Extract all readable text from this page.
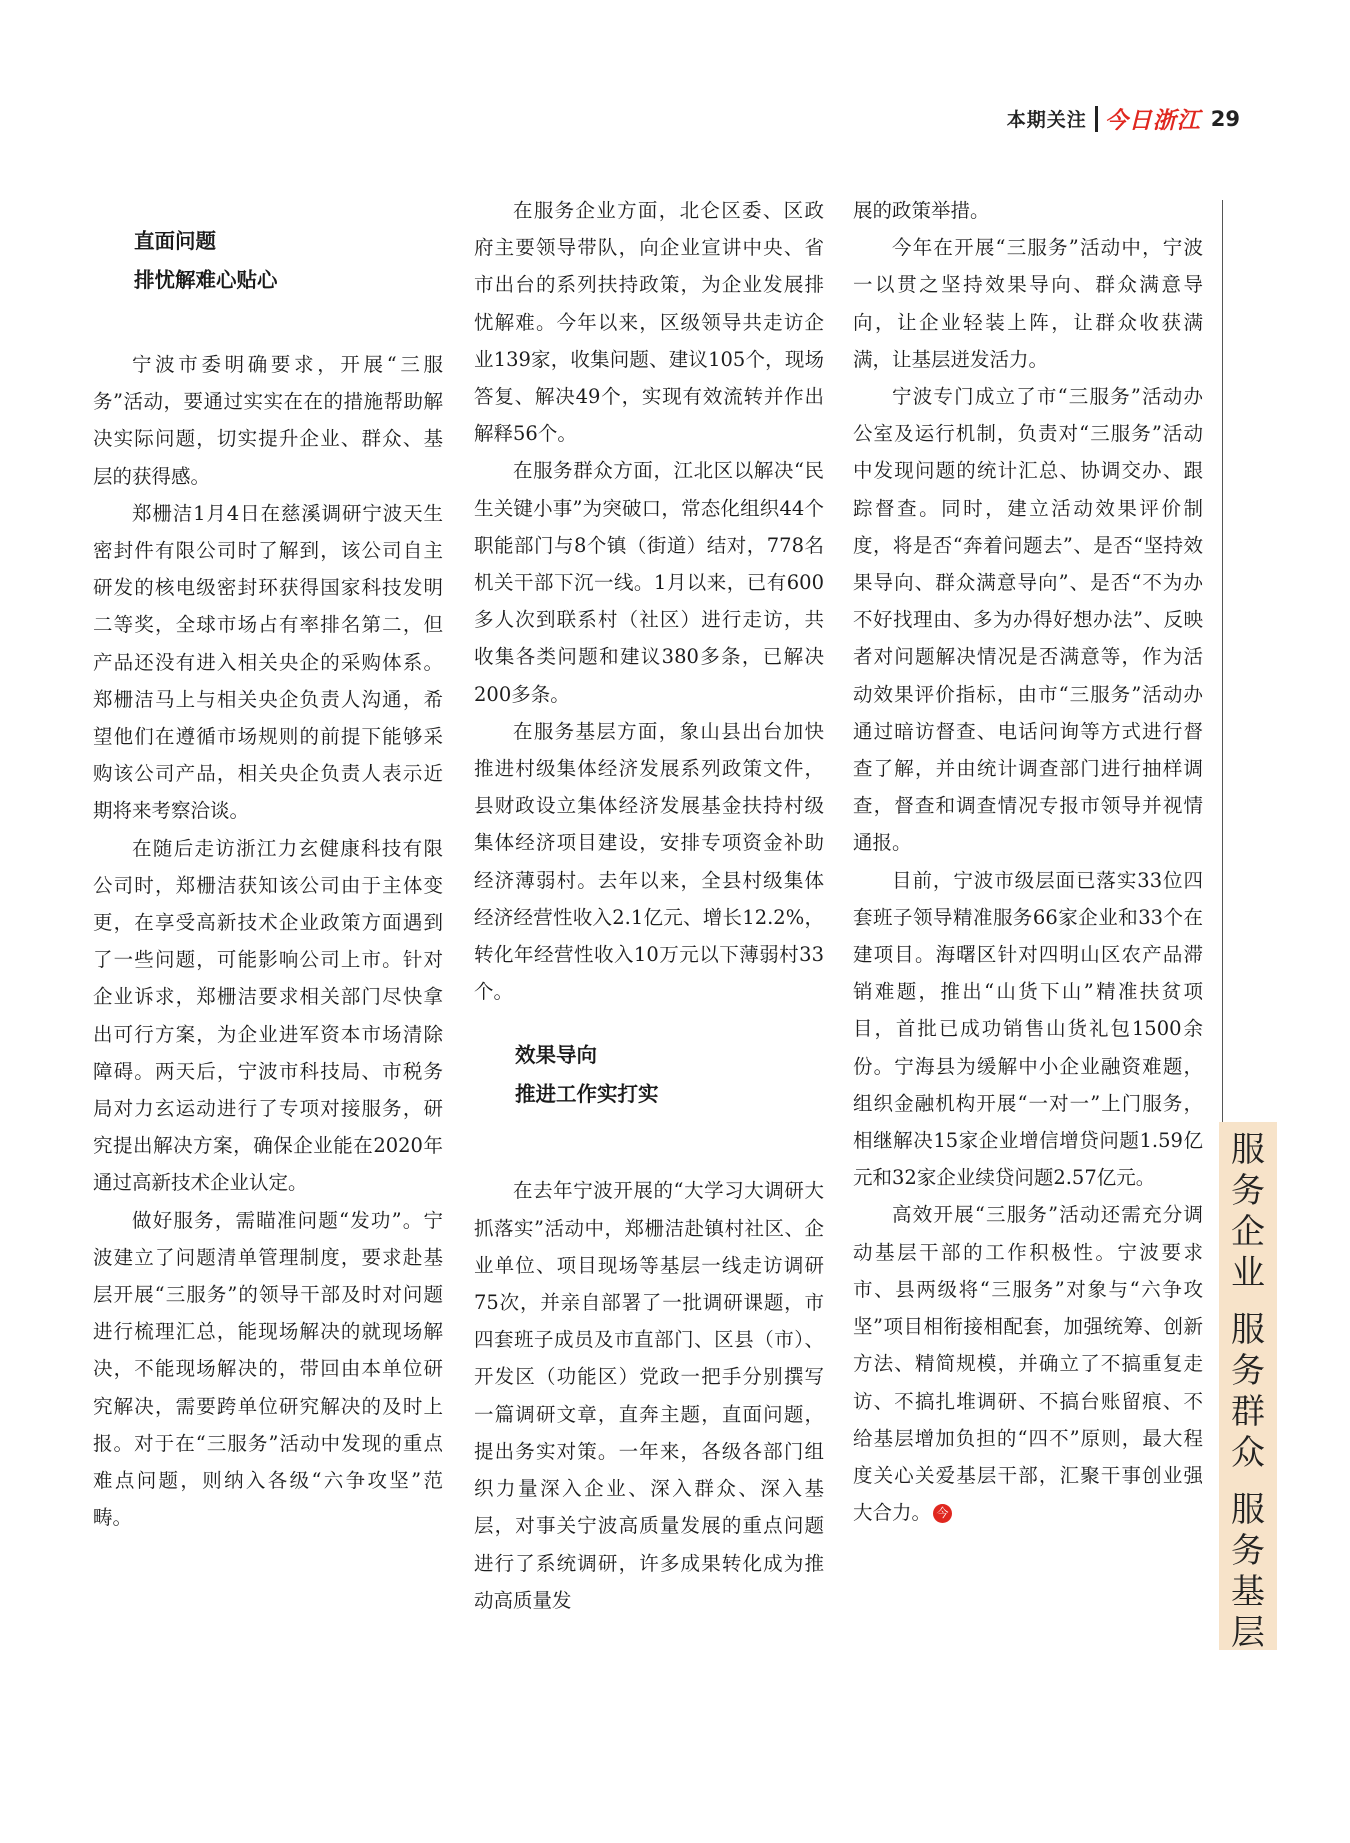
本期关注 今日浙江 29

直面问题

排忧解难心贴心

宁波市委明确要求，开展“三服务”活动，要通过实实在在的措施帮助解决实际问题，切实提升企业、群众、基层的获得感。

郑栅洁1月4日在慈溪调研宁波天生密封件有限公司时了解到，该公司自主研发的核电级密封环获得国家科技发明二等奖，全球市场占有率排名第二，但产品还没有进入相关央企的采购体系。郑栅洁马上与相关央企负责人沟通，希望他们在遵循市场规则的前提下能够采购该公司产品，相关央企负责人表示近期将来考察洽谈。

在随后走访浙江力玄健康科技有限公司时，郑栅洁获知该公司由于主体变更，在享受高新技术企业政策方面遇到了一些问题，可能影响公司上市。针对企业诉求，郑栅洁要求相关部门尽快拿出可行方案，为企业进军资本市场清除障碍。两天后，宁波市科技局、市税务局对力玄运动进行了专项对接服务，研究提出解决方案，确保企业能在2020年通过高新技术企业认定。

做好服务，需瞄准问题“发功”。宁波建立了问题清单管理制度，要求赴基层开展“三服务”的领导干部及时对问题进行梳理汇总，能现场解决的就现场解决，不能现场解决的，带回由本单位研究解决，需要跨单位研究解决的及时上报。对于在“三服务”活动中发现的重点难点问题，则纳入各级“六争攻坚”范畴。

在服务企业方面，北仑区委、区政府主要领导带队，向企业宣讲中央、省市出台的系列扶持政策，为企业发展排忧解难。今年以来，区级领导共走访企业139家，收集问题、建议105个，现场答复、解决49个，实现有效流转并作出解释56个。

在服务群众方面，江北区以解决“民生关键小事”为突破口，常态化组织44个职能部门与8个镇（街道）结对，778名机关干部下沉一线。1月以来，已有600多人次到联系村（社区）进行走访，共收集各类问题和建议380多条，已解决200多条。

在服务基层方面，象山县出台加快推进村级集体经济发展系列政策文件，县财政设立集体经济发展基金扶持村级集体经济项目建设，安排专项资金补助经济薄弱村。去年以来，全县村级集体经济经营性收入2.1亿元、增长12.2%，转化年经营性收入10万元以下薄弱村33个。

效果导向

推进工作实打实

在去年宁波开展的“大学习大调研大抓落实”活动中，郑栅洁赴镇村社区、企业单位、项目现场等基层一线走访调研75次，并亲自部署了一批调研课题，市四套班子成员及市直部门、区县（市）、开发区（功能区）党政一把手分别撰写一篇调研文章，直奔主题，直面问题，提出务实对策。一年来，各级各部门组织力量深入企业、深入群众、深入基层，对事关宁波高质量发展的重点问题进行了系统调研，许多成果转化成为推动高质量发

展的政策举措。

今年在开展“三服务”活动中，宁波一以贯之坚持效果导向、群众满意导向，让企业轻装上阵，让群众收获满满，让基层迸发活力。

宁波专门成立了市“三服务”活动办公室及运行机制，负责对“三服务”活动中发现问题的统计汇总、协调交办、跟踪督查。同时，建立活动效果评价制度，将是否“奔着问题去”、是否“坚持效果导向、群众满意导向”、是否“不为办不好找理由、多为办得好想办法”、反映者对问题解决情况是否满意等，作为活动效果评价指标，由市“三服务”活动办通过暗访督查、电话问询等方式进行督查了解，并由统计调查部门进行抽样调查，督查和调查情况专报市领导并视情通报。

目前，宁波市级层面已落实33位四套班子领导精准服务66家企业和33个在建项目。海曙区针对四明山区农产品滞销难题，推出“山货下山”精准扶贫项目，首批已成功销售山货礼包1500余份。宁海县为缓解中小企业融资难题，组织金融机构开展“一对一”上门服务，相继解决15家企业增信增贷问题1.59亿元和32家企业续贷问题2.57亿元。

高效开展“三服务”活动还需充分调动基层干部的工作积极性。宁波要求市、县两级将“三服务”对象与“六争攻坚”项目相衔接相配套，加强统筹、创新方法、精简规模，并确立了不搞重复走访、不搞扎堆调研、不搞台账留痕、不给基层增加负担的“四不”原则，最大程度关心关爱基层干部，汇聚干事创业强大合力。 今

服务企业
服务群众
服务基层
